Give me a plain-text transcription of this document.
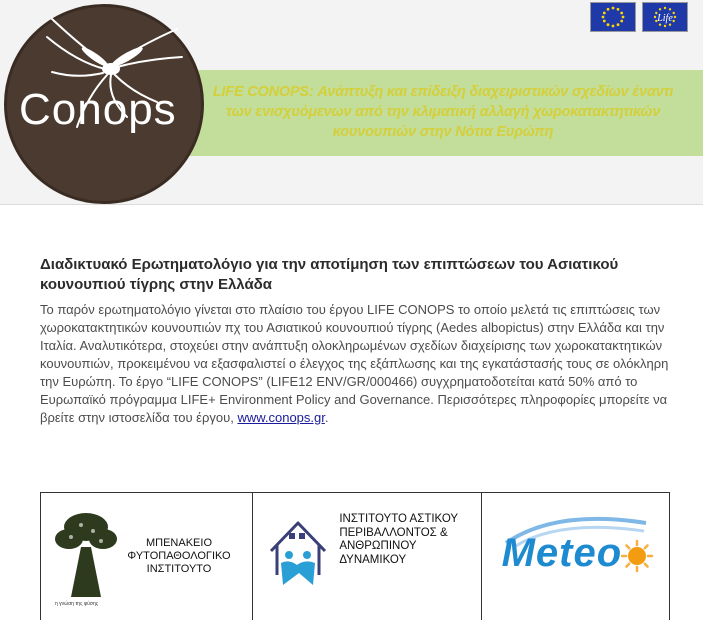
LIFE CONOPS: Ανάπτυξη και επίδειξη διαχειριστικών σχεδίων έναντι των ενισχυόμενων από την κλιματική αλλαγή χωροκατακτητικών κουνουπιών στην Νότια Ευρώπη
Conops
Life
Διαδικτυακό Ερωτηματολόγιο για την αποτίμηση των επιπτώσεων του Ασιατικού κουνουπιού τίγρης στην Ελλάδα
Το παρόν ερωτηματολόγιο γίνεται στο πλαίσιο του έργου LIFE CONOPS το οποίο μελετά τις επιπτώσεις των χωροκατακτητικών κουνουπιών πχ του Ασιατικού κουνουπιού τίγρης (Aedes albopictus) στην Ελλάδα και την Ιταλία. Αναλυτικότερα, στοχεύει στην ανάπτυξη ολοκληρωμένων σχεδίων διαχείρισης των χωροκατακτητικών κουνουπιών, προκειμένου να εξασφαλιστεί ο έλεγχος της εξάπλωσης και της εγκατάστασής τους σε ολόκληρη την Ευρώπη. Το έργο “LIFE CONOPS” (LIFE12 ENV/GR/000466) συγχρηματοδοτείται κατά 50% από το Ευρωπαϊκό πρόγραμμα LIFE+ Environment Policy and Governance. Περισσότερες πληροφορίες μπορείτε να βρείτε στην ιστοσελίδα του έργου, www.conops.gr.
ΜΠΕΝΑΚΕΙΟ ΦΥΤΟΠΑΘΟΛΟΓΙΚΟ ΙΝΣΤΙΤΟΥΤΟ
η γνώση της φύσης
ΙΝΣΤΙΤΟΥΤΟ ΑΣΤΙΚΟΥ ΠΕΡΙΒΑΛΛΟΝΤΟΣ & ΑΝΘΡΩΠΙΝΟΥ ΔΥΝΑΜΙΚΟΥ	Meteo
